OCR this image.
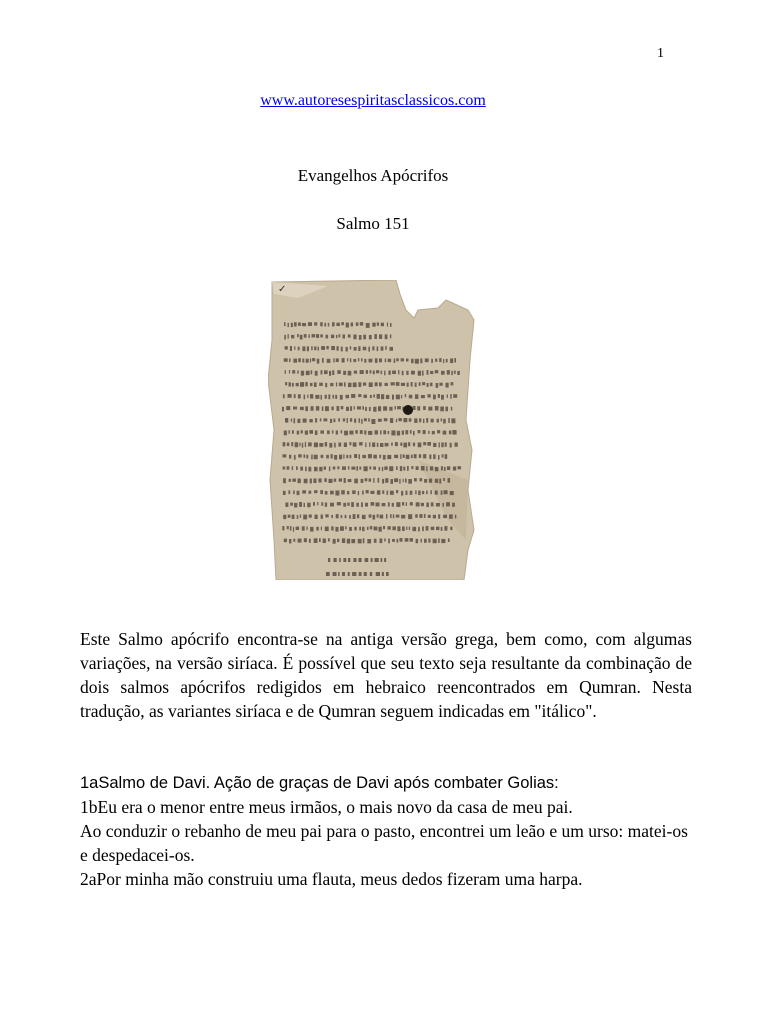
1
www.autoresespiritasclassicos.com
Evangelhos Apócrifos
Salmo 151
✓
Este Salmo apócrifo encontra-se na antiga versão grega, bem como, com algumas variações, na versão siríaca. É possível que seu texto seja resultante da combinação de dois salmos apócrifos redigidos em hebraico reencontrados em Qumran. Nesta tradução, as variantes siríaca e de Qumran seguem indicadas em "itálico".

1aSalmo de Davi. Ação de graças de Davi após combater Golias:

1bEu era o menor entre meus irmãos, o mais novo da casa de meu pai.

Ao conduzir o rebanho de meu pai para o pasto, encontrei um leão e um urso: matei-os e despedacei-os.

2aPor minha mão construiu uma flauta, meus dedos fizeram uma harpa.
